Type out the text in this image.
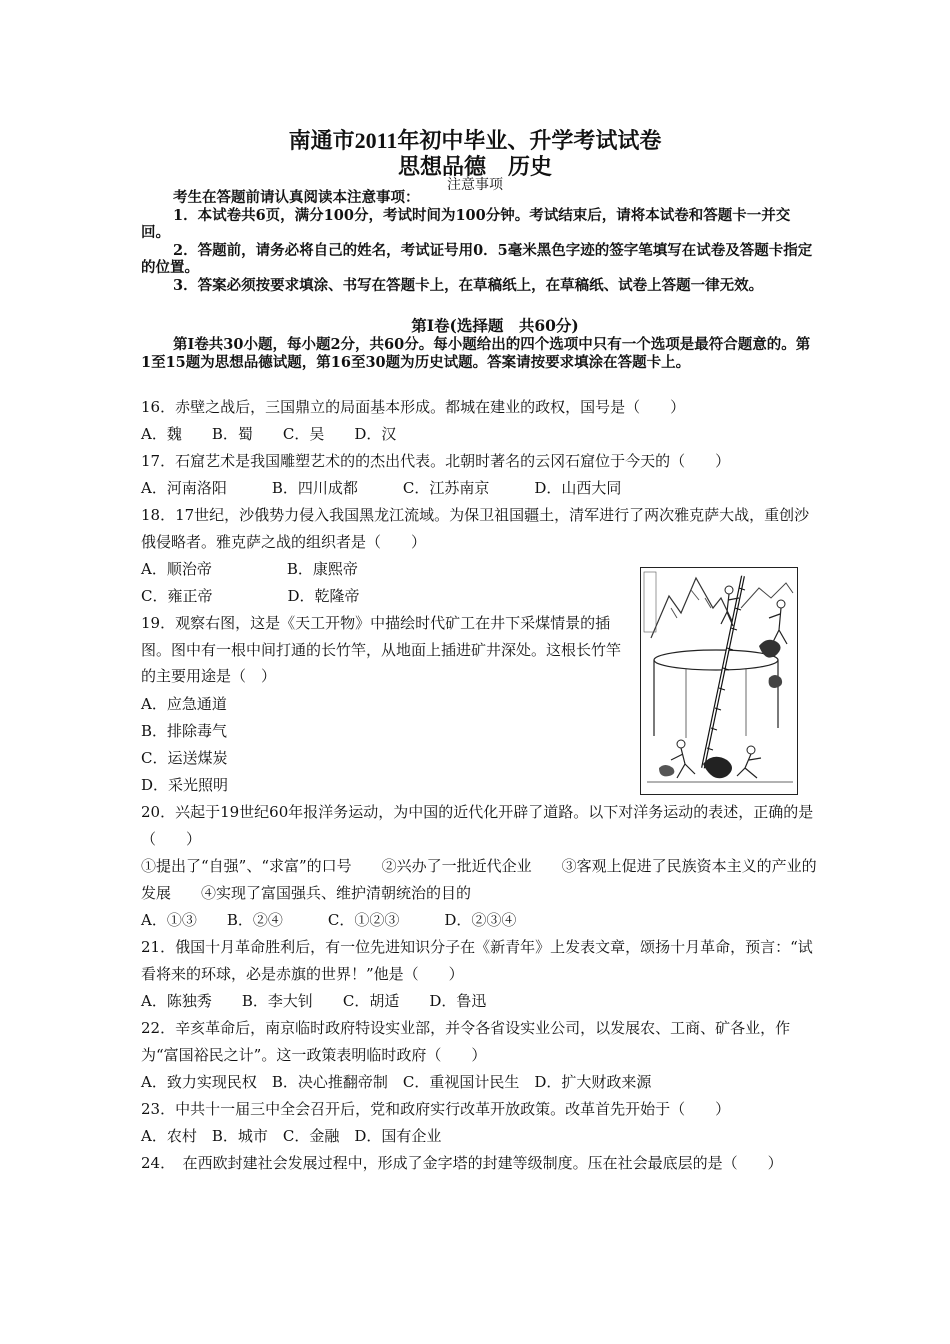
南通市2011年初中毕业、升学考试试卷
思想品德　历史
注意事项

考生在答题前请认真阅读本注意事项：

1．本试卷共6页，满分100分，考试时间为100分钟。考试结束后，请将本试卷和答题卡一并交回。

2．答题前，请务必将自己的姓名，考试证号用0．5毫米黑色字迹的签字笔填写在试卷及答题卡指定的位置。

3．答案必须按要求填涂、书写在答题卡上，在草稿纸上，在草稿纸、试卷上答题一律无效。

第Ⅰ卷(选择题　共60分)
第Ⅰ卷共30小题，每小题2分，共60分。每小题给出的四个选项中只有一个选项是最符合题意的。第1至15题为思想品德试题，第16至30题为历史试题。答案请按要求填涂在答题卡上。
16．赤壁之战后，三国鼎立的局面基本形成。都城在建业的政权，国号是（　　）
A．魏　　B．蜀　　C．吴　　D．汉
17．石窟艺术是我国雕塑艺术的的杰出代表。北朝时著名的云冈石窟位于今天的（　　）
A．河南洛阳　　　B．四川成都　　　C．江苏南京　　　D．山西大同
18．17世纪，沙俄势力侵入我国黑龙江流域。为保卫祖国疆土，清军进行了两次雅克萨大战，重创沙俄侵略者。雅克萨之战的组织者是（　　）
A．顺治帝　　　　　B．康熙帝
C．雍正帝　　　　　D．乾隆帝
19．观察右图，这是《天工开物》中描绘时代矿工在井下采煤情景的插图。图中有一根中间打通的长竹竿，从地面上插进矿井深处。这根长竹竿的主要用途是（　）
A．应急通道
B．排除毒气
C．运送煤炭
D．采光照明
20．兴起于19世纪60年报洋务运动，为中国的近代化开辟了道路。以下对洋务运动的表述，正确的是（　　）
①提出了“自强”、“求富”的口号　　②兴办了一批近代企业　　③客观上促进了民族资本主义的产业的发展　　④实现了富国强兵、维护清朝统治的目的
A．①③　　B．②④　　　C．①②③　　　D．②③④
21．俄国十月革命胜利后，有一位先进知识分子在《新青年》上发表文章，颂扬十月革命，预言：“试看将来的环球，必是赤旗的世界！”他是（　　）
A．陈独秀　　B．李大钊　　C．胡适　　D．鲁迅
22．辛亥革命后，南京临时政府特设实业部，并令各省设实业公司，以发展农、工商、矿各业，作为“富国裕民之计”。这一政策表明临时政府（　　）
A．致力实现民权　B．决心推翻帝制　C．重视国计民生　D．扩大财政来源
23．中共十一届三中全会召开后，党和政府实行改革开放政策。改革首先开始于（　　）
A．农村　B．城市　C．金融　D．国有企业
24．　在西欧封建社会发展过程中，形成了金字塔的封建等级制度。压在社会最底层的是（　　）
